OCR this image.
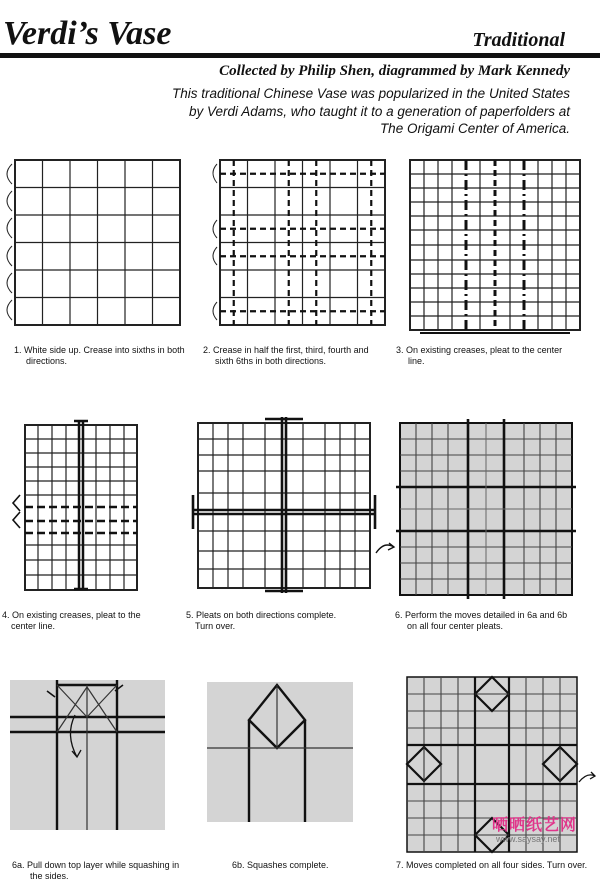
Verdi’s Vase	Traditional
Collected by Philip Shen, diagrammed by Mark Kennedy
This traditional Chinese Vase was popularized in the United States
by Verdi Adams, who taught it to a generation of paperfolders at
The Origami Center of America.
1. White side up. Crease into sixths in both
directions.
2. Crease in half the first, third, fourth and
sixth 6ths in both directions.
3. On existing creases, pleat to the center
line.
4. On existing creases, pleat to the
center line.
5. Pleats on both directions complete.
Turn over.
6. Perform the moves detailed in 6a and 6b
on all four center pleats.
6a. Pull down top layer while squashing in
the sides.
6b. Squashes complete.
晒晒纸艺网
www.saysay.net
7. Moves completed on all four sides. Turn over.
